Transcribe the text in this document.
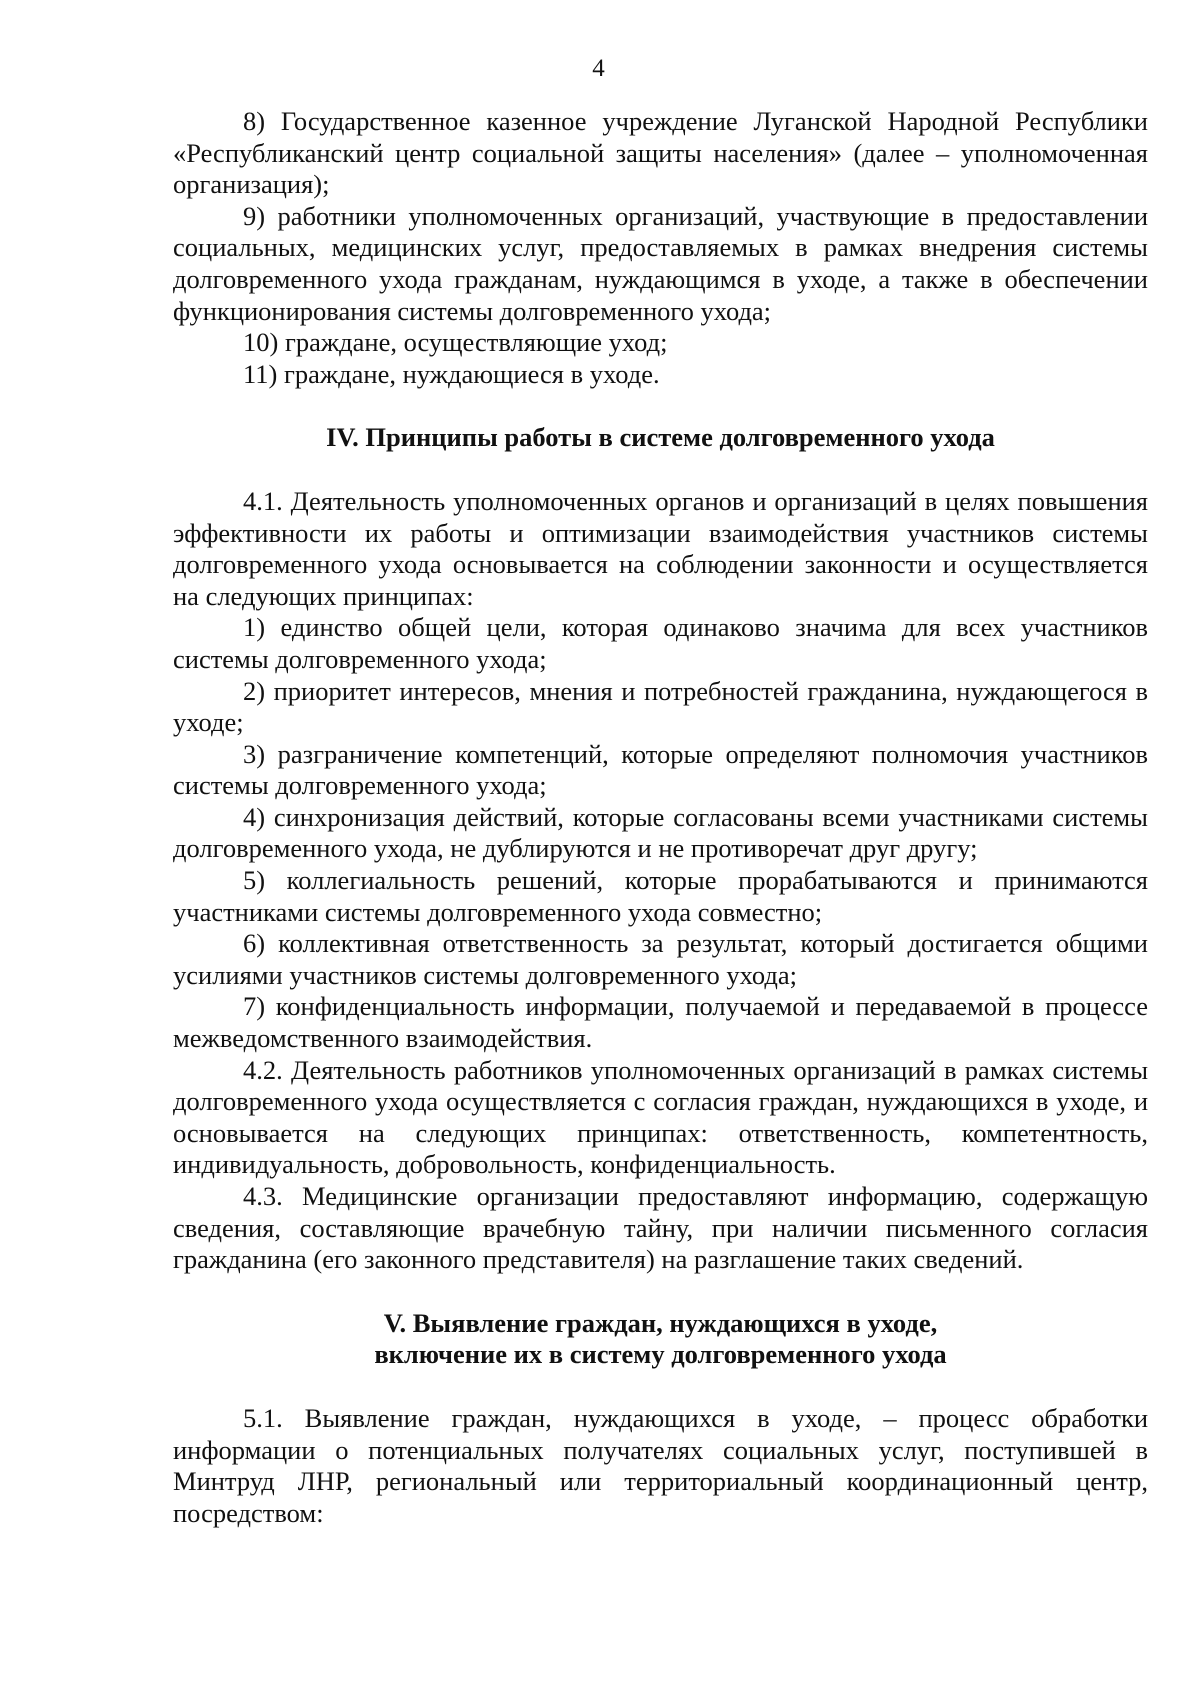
4

8) Государственное казенное учреждение Луганской Народной Республики «Республиканский центр социальной защиты населения» (далее – уполномоченная организация);

9) работники уполномоченных организаций, участвующие в предоставлении социальных, медицинских услуг, предоставляемых в рамках внедрения системы долговременного ухода гражданам, нуждающимся в уходе, а также в обеспечении функционирования системы долговременного ухода;

10) граждане, осуществляющие уход;

11) граждане, нуждающиеся в уходе.

IV. Принципы работы в системе долговременного ухода

4.1. Деятельность уполномоченных органов и организаций в целях повышения эффективности их работы и оптимизации взаимодействия участников системы долговременного ухода основывается на соблюдении законности и осуществляется на следующих принципах:

1) единство общей цели, которая одинаково значима для всех участников системы долговременного ухода;

2) приоритет интересов, мнения и потребностей гражданина, нуждающегося в уходе;

3) разграничение компетенций, которые определяют полномочия участников системы долговременного ухода;

4) синхронизация действий, которые согласованы всеми участниками системы долговременного ухода, не дублируются и не противоречат друг другу;

5) коллегиальность решений, которые прорабатываются и принимаются участниками системы долговременного ухода совместно;

6) коллективная ответственность за результат, который достигается общими усилиями участников системы долговременного ухода;

7) конфиденциальность информации, получаемой и передаваемой в процессе межведомственного взаимодействия.

4.2. Деятельность работников уполномоченных организаций в рамках системы долговременного ухода осуществляется с согласия граждан, нуждающихся в уходе, и основывается на следующих принципах: ответственность, компетентность, индивидуальность, добровольность, конфиденциальность.

4.3. Медицинские организации предоставляют информацию, содержащую сведения, составляющие врачебную тайну, при наличии письменного согласия гражданина (его законного представителя) на разглашение таких сведений.

V. Выявление граждан, нуждающихся в уходе,
включение их в систему долговременного ухода

5.1. Выявление граждан, нуждающихся в уходе, – процесс обработки информации о потенциальных получателях социальных услуг, поступившей в Минтруд ЛНР, региональный или территориальный координационный центр, посредством:
